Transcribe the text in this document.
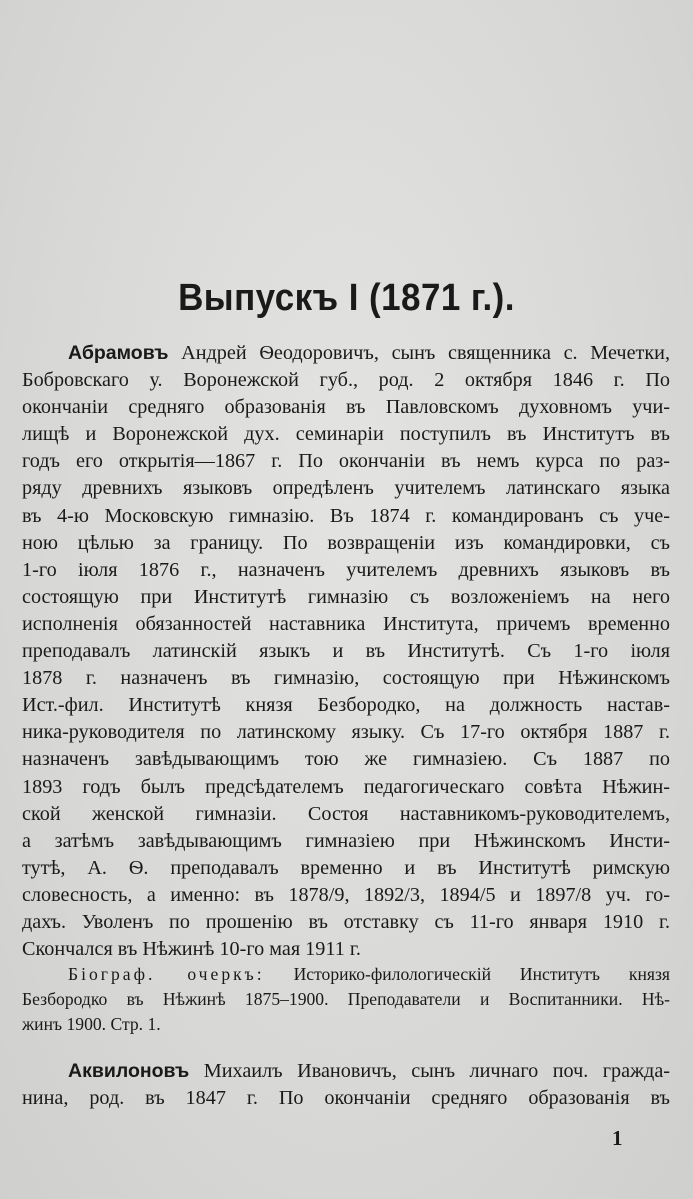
Выпускъ I (1871 г.).
Абрамовъ Андрей Ѳеодоровичъ, сынъ священника с. Мечетки,
Бобровскаго у. Воронежской губ., род. 2 октября 1846 г. По
окончаніи средняго образованія въ Павловскомъ духовномъ учи-
лищѣ и Воронежской дух. семинаріи поступилъ въ Институтъ въ
годъ его открытія—1867 г. По окончаніи въ немъ курса по раз-
ряду древнихъ языковъ опредѣленъ учителемъ латинскаго языка
въ 4-ю Московскую гимназію. Въ 1874 г. командированъ съ уче-
ною цѣлью за границу. По возвращеніи изъ командировки, съ
1-го іюля 1876 г., назначенъ учителемъ древнихъ языковъ въ
состоящую при Институтѣ гимназію съ возложеніемъ на него
исполненія обязанностей наставника Института, причемъ временно
преподавалъ латинскій языкъ и въ Институтѣ. Съ 1-го іюля
1878 г. назначенъ въ гимназію, состоящую при Нѣжинскомъ
Ист.-фил. Институтѣ князя Безбородко, на должность настав-
ника-руководителя по латинскому языку. Съ 17-го октября 1887 г.
назначенъ завѣдывающимъ тою же гимназіею. Съ 1887 по
1893 годъ былъ предсѣдателемъ педагогическаго совѣта Нѣжин-
ской женской гимназіи. Состоя наставникомъ-руководителемъ,
а затѣмъ завѣдывающимъ гимназіею при Нѣжинскомъ Инсти-
тутѣ, А. Ѳ. преподавалъ временно и въ Институтѣ римскую
словесность, а именно: въ 1878/9, 1892/3, 1894/5 и 1897/8 уч. го-
дахъ. Уволенъ по прошенію въ отставку съ 11-го января 1910 г.
Скончался въ Нѣжинѣ 10-го мая 1911 г.
Біограф. очеркъ: Историко-филологическій Институтъ князя
Безбородко въ Нѣжинѣ 1875–1900. Преподаватели и Воспитанники. Нѣ-
жинъ 1900. Стр. 1.
Аквилоновъ Михаилъ Ивановичъ, сынъ личнаго поч. гражда-
нина, род. въ 1847 г. По окончаніи средняго образованія въ

1
